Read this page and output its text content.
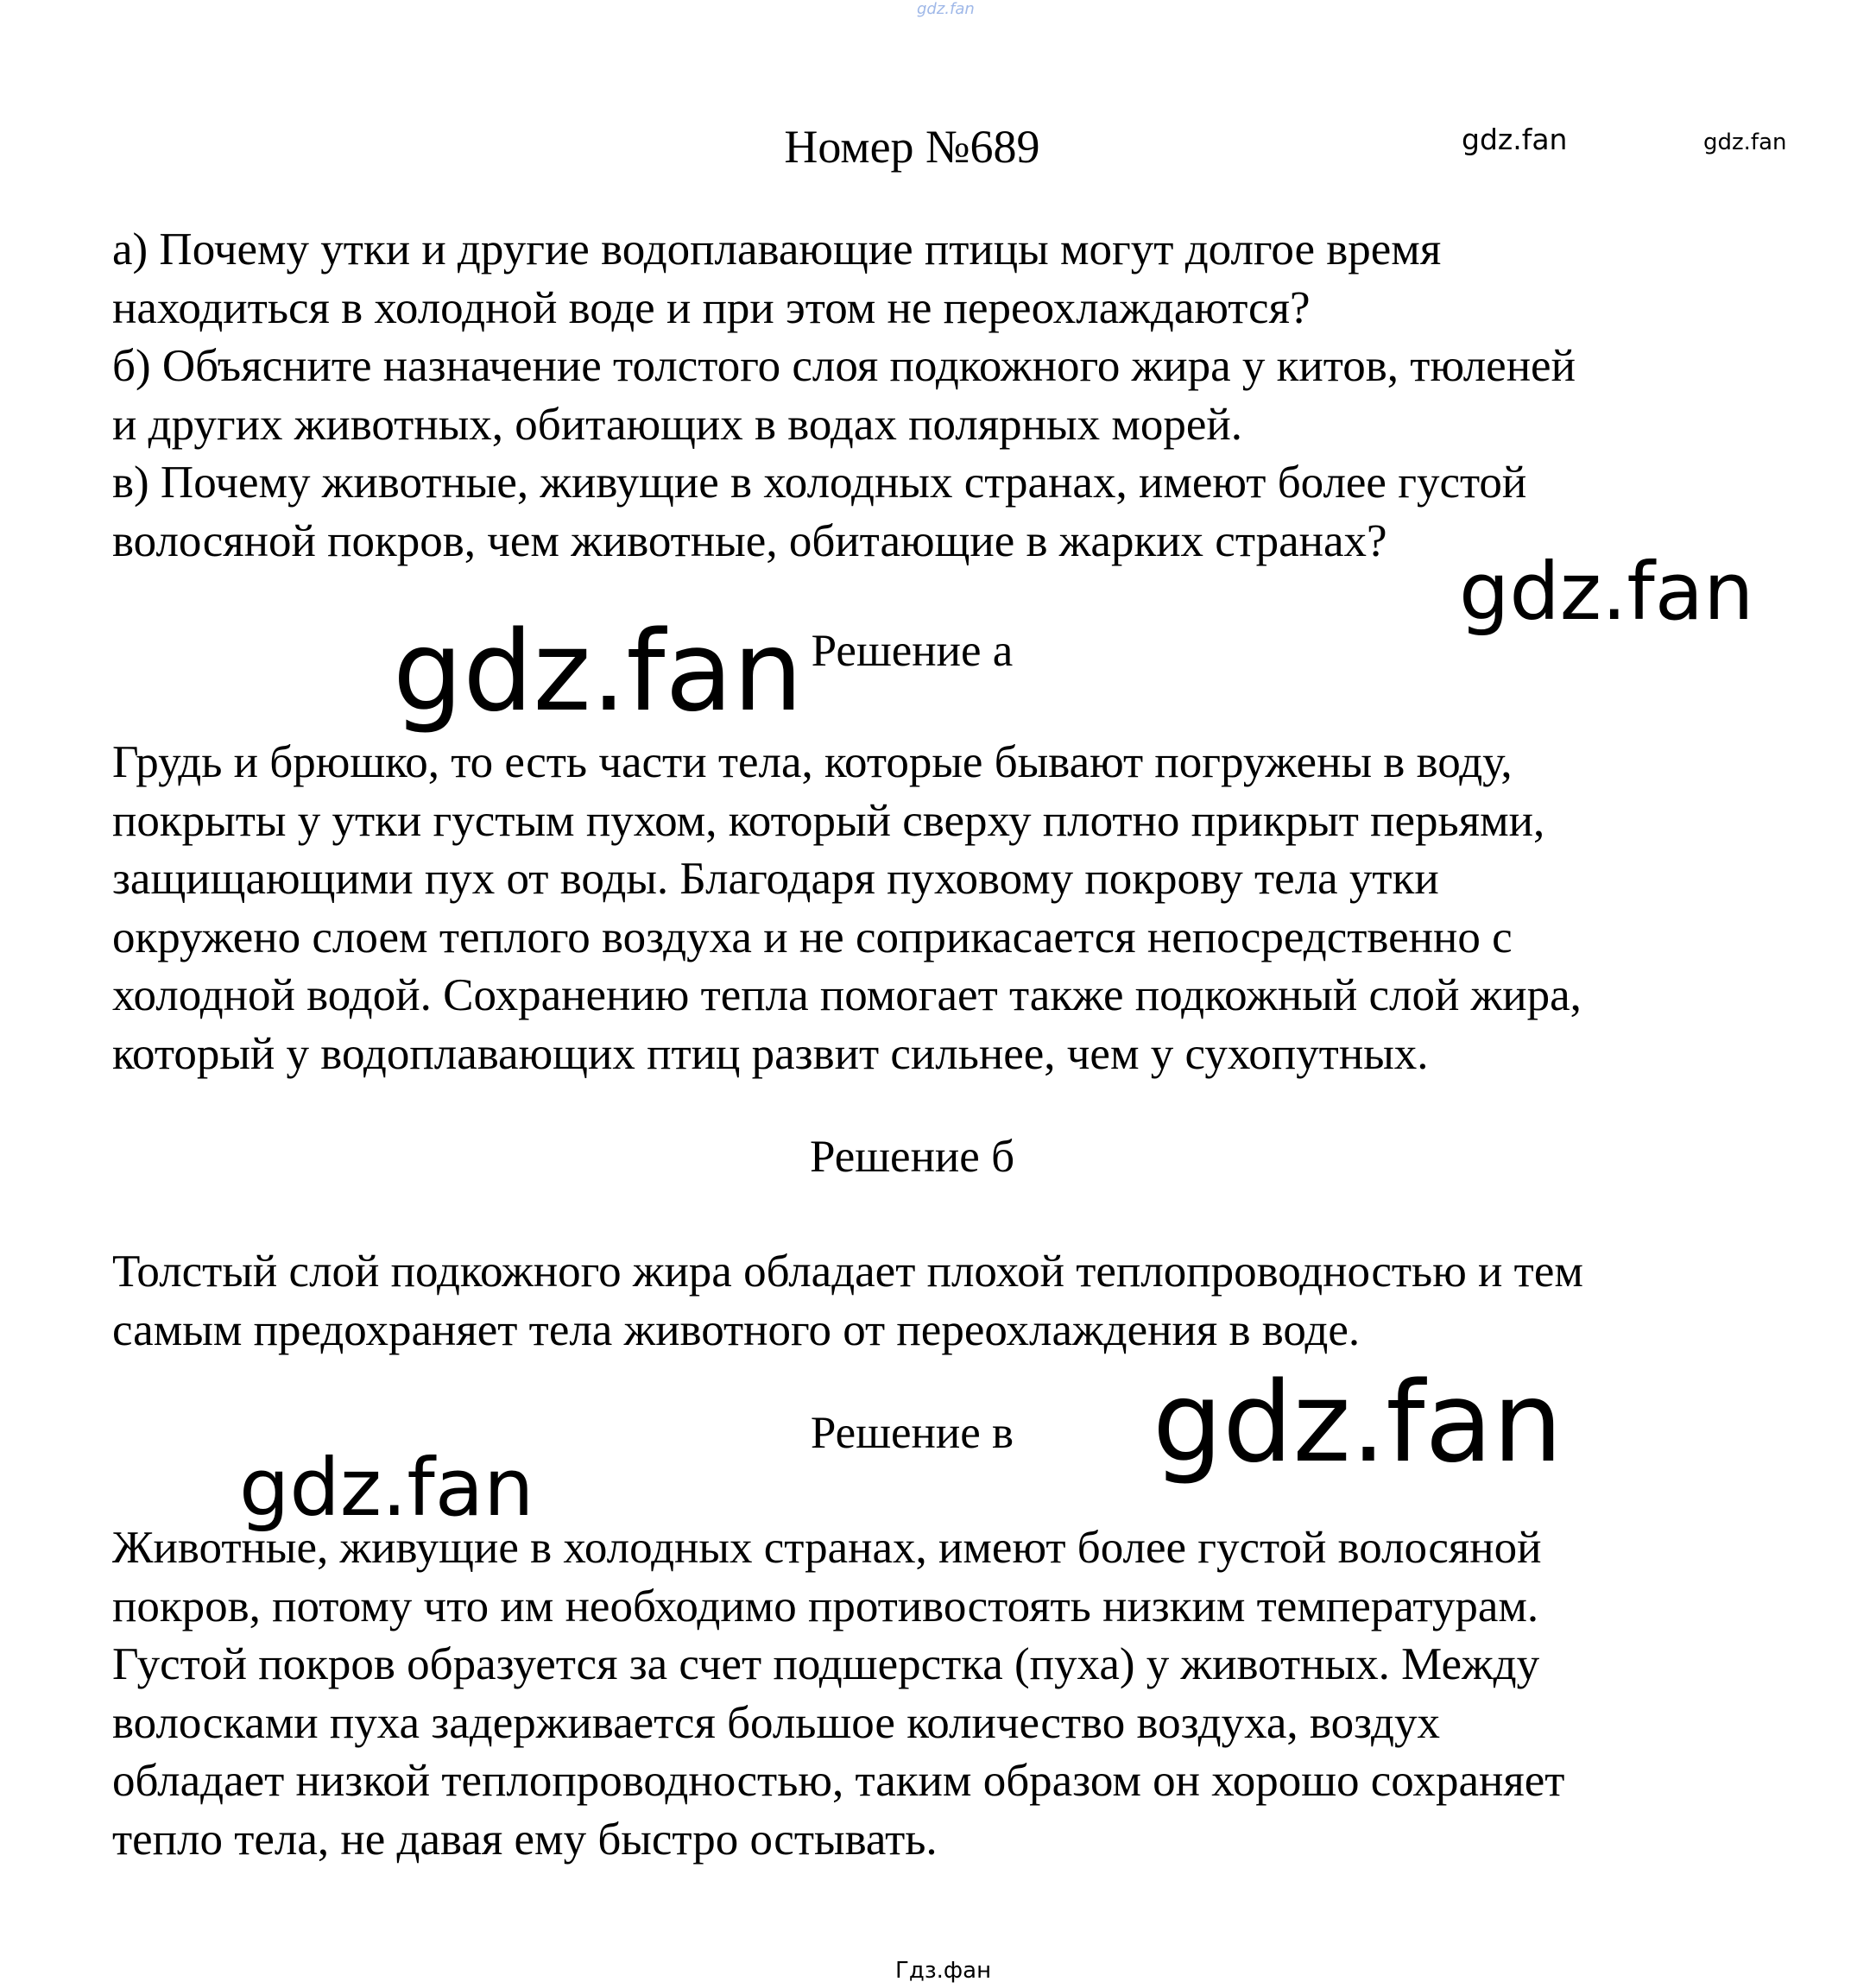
gdz.fan
Номер №689	gdz.fan	gdz.fan
а) Почему утки и другие водоплавающие птицы могут долгое время
находиться в холодной воде и при этом не переохлаждаются?
б) Объясните назначение толстого слоя подкожного жира у китов, тюленей
и других животных, обитающих в водах полярных морей.
в) Почему животные, живущие в холодных странах, имеют более густой
волосяной покров, чем животные, обитающие в жарких странах?
gdz.fan
Решение а
gdz.fan
Грудь и брюшко, то есть части тела, которые бывают погружены в воду,
покрыты у утки густым пухом, который сверху плотно прикрыт перьями,
защищающими пух от воды. Благодаря пуховому покрову тела утки
окружено слоем теплого воздуха и не соприкасается непосредственно с
холодной водой. Сохранению тепла помогает также подкожный слой жира,
который у водоплавающих птиц развит сильнее, чем у сухопутных.
Решение б
Толстый слой подкожного жира обладает плохой теплопроводностью и тем
самым предохраняет тела животного от переохлаждения в воде.
Решение в	gdz.fan
gdz.fan
Животные, живущие в холодных странах, имеют более густой волосяной
покров, потому что им необходимо противостоять низким температурам.
Густой покров образуется за счет подшерстка (пуха) у животных. Между
волосками пуха задерживается большое количество воздуха, воздух
обладает низкой теплопроводностью, таким образом он хорошо сохраняет
тепло тела, не давая ему быстро остывать.
Гдз.фан
